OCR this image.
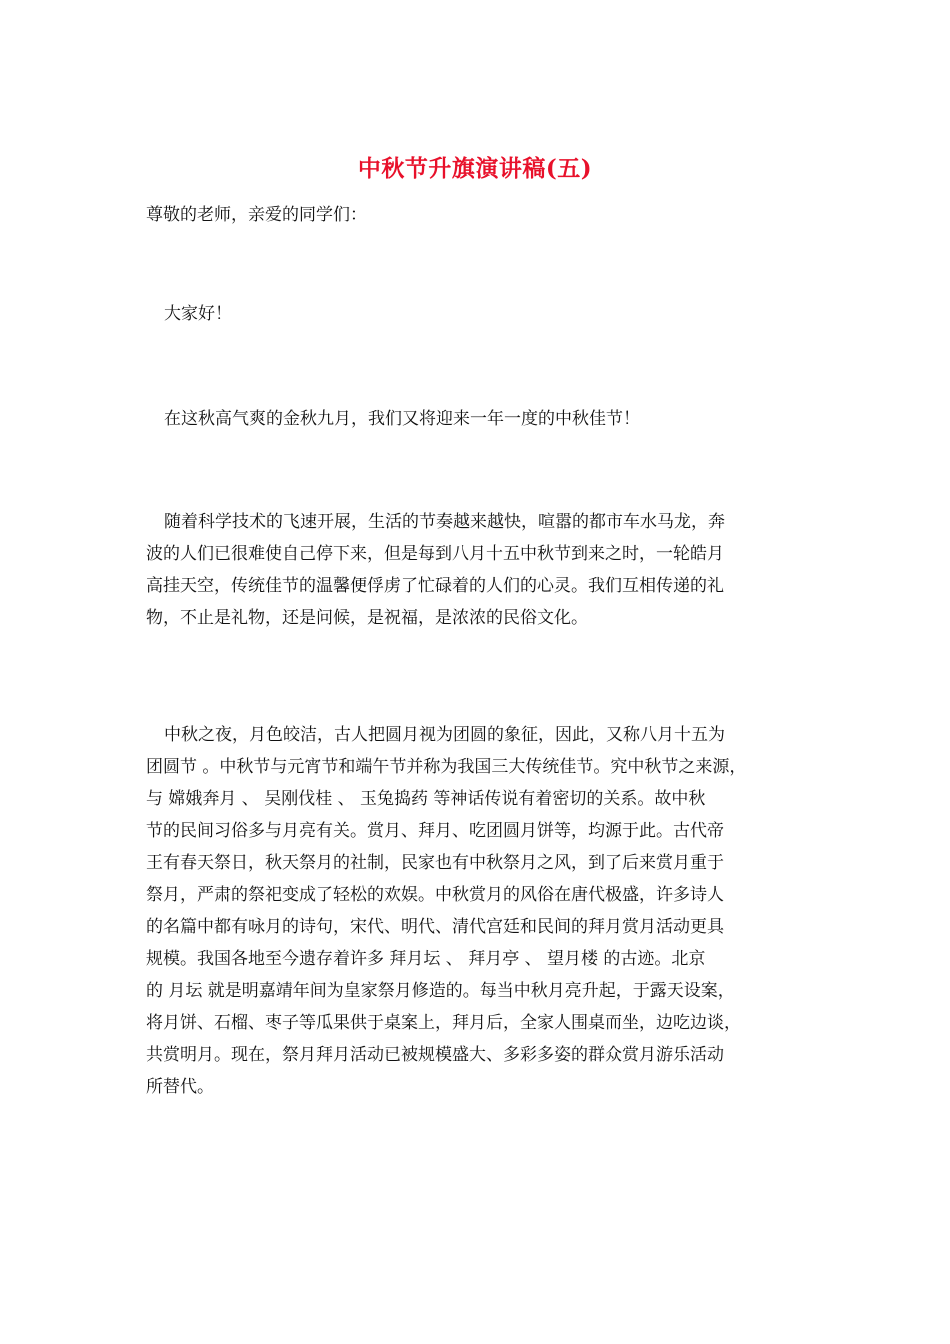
中秋节升旗演讲稿(五)
尊敬的老师，亲爱的同学们：
大家好！
在这秋高气爽的金秋九月，我们又将迎来一年一度的中秋佳节！
随着科学技术的飞速开展，生活的节奏越来越快，喧嚣的都市车水马龙，奔
波的人们已很难使自己停下来，但是每到八月十五中秋节到来之时，一轮皓月
高挂天空，传统佳节的温馨便俘虏了忙碌着的人们的心灵。我们互相传递的礼
物，不止是礼物，还是问候，是祝福，是浓浓的民俗文化。
中秋之夜，月色皎洁，古人把圆月视为团圆的象征，因此，又称八月十五为
团圆节 。中秋节与元宵节和端午节并称为我国三大传统佳节。究中秋节之来源，
与 嫦娥奔月 、 吴刚伐桂 、 玉兔捣药 等神话传说有着密切的关系。故中秋
节的民间习俗多与月亮有关。赏月、拜月、吃团圆月饼等，均源于此。古代帝
王有春天祭日，秋天祭月的社制，民家也有中秋祭月之风，到了后来赏月重于
祭月，严肃的祭祀变成了轻松的欢娱。中秋赏月的风俗在唐代极盛，许多诗人
的名篇中都有咏月的诗句，宋代、明代、清代宫廷和民间的拜月赏月活动更具
规模。我国各地至今遗存着许多 拜月坛 、 拜月亭 、 望月楼 的古迹。北京
的 月坛 就是明嘉靖年间为皇家祭月修造的。每当中秋月亮升起，于露天设案，
将月饼、石榴、枣子等瓜果供于桌案上，拜月后，全家人围桌而坐，边吃边谈，
共赏明月。现在，祭月拜月活动已被规模盛大、多彩多姿的群众赏月游乐活动
所替代。
